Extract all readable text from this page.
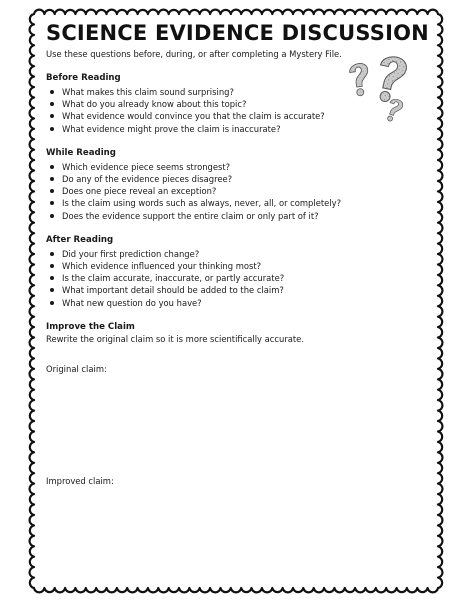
SCIENCE EVIDENCE DISCUSSION
Use these questions before, during, or after completing a Mystery File.
Before Reading
What makes this claim sound surprising?
What do you already know about this topic?
What evidence would convince you that the claim is accurate?
What evidence might prove the claim is inaccurate?
While Reading
Which evidence piece seems strongest?
Do any of the evidence pieces disagree?
Does one piece reveal an exception?
Is the claim using words such as always, never, all, or completely?
Does the evidence support the entire claim or only part of it?
After Reading
Did your first prediction change?
Which evidence influenced your thinking most?
Is the claim accurate, inaccurate, or partly accurate?
What important detail should be added to the claim?
What new question do you have?
Improve the Claim
Rewrite the original claim so it is more scientifically accurate.
Original claim:
Improved claim:
